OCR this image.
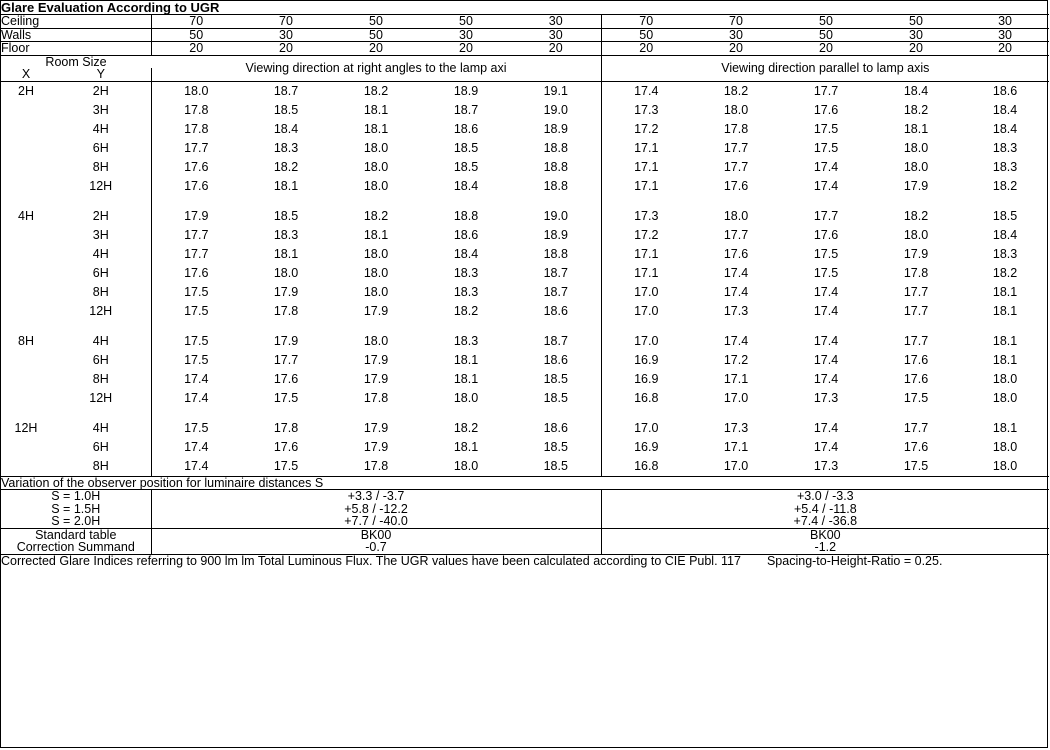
Glare Evaluation According to UGR											
Ceiling		70	70	50	50	30	70	70	50	50	30
Walls		50	30	50	30	30	50	30	50	30	30
Floor		20	20	20	20	20	20	20	20	20	20
Room Size		Viewing direction at right angles to the lamp axi					Viewing direction parallel to lamp axis				
X	Y										
2H	2H	18.0	18.7	18.2	18.9	19.1	17.4	18.2	17.7	18.4	18.6
	3H	17.8	18.5	18.1	18.7	19.0	17.3	18.0	17.6	18.2	18.4
	4H	17.8	18.4	18.1	18.6	18.9	17.2	17.8	17.5	18.1	18.4
	6H	17.7	18.3	18.0	18.5	18.8	17.1	17.7	17.5	18.0	18.3
	8H	17.6	18.2	18.0	18.5	18.8	17.1	17.7	17.4	18.0	18.3
	12H	17.6	18.1	18.0	18.4	18.8	17.1	17.6	17.4	17.9	18.2

4H	2H	17.9	18.5	18.2	18.8	19.0	17.3	18.0	17.7	18.2	18.5
	3H	17.7	18.3	18.1	18.6	18.9	17.2	17.7	17.6	18.0	18.4
	4H	17.7	18.1	18.0	18.4	18.8	17.1	17.6	17.5	17.9	18.3
	6H	17.6	18.0	18.0	18.3	18.7	17.1	17.4	17.5	17.8	18.2
	8H	17.5	17.9	18.0	18.3	18.7	17.0	17.4	17.4	17.7	18.1
	12H	17.5	17.8	17.9	18.2	18.6	17.0	17.3	17.4	17.7	18.1

8H	4H	17.5	17.9	18.0	18.3	18.7	17.0	17.4	17.4	17.7	18.1
	6H	17.5	17.7	17.9	18.1	18.6	16.9	17.2	17.4	17.6	18.1
	8H	17.4	17.6	17.9	18.1	18.5	16.9	17.1	17.4	17.6	18.0
	12H	17.4	17.5	17.8	18.0	18.5	16.8	17.0	17.3	17.5	18.0

12H	4H	17.5	17.8	17.9	18.2	18.6	17.0	17.3	17.4	17.7	18.1
	6H	17.4	17.6	17.9	18.1	18.5	16.9	17.1	17.4	17.6	18.0
	8H	17.4	17.5	17.8	18.0	18.5	16.8	17.0	17.3	17.5	18.0
Variation of the observer position for luminaire distances S											
S = 1.0H		+3.3 / -3.7					+3.0 / -3.3				
S = 1.5H		+5.8 / -12.2					+5.4 / -11.8				
S = 2.0H		+7.7 / -40.0					+7.4 / -36.8				
Standard table		BK00					BK00				
Correction Summand		-0.7					-1.2				
Corrected Glare Indices referring to 900 lm lm Total Luminous Flux. The UGR values have been calculated according to CIE Publ. 117 Spacing-to-Height-Ratio = 0.25.											
